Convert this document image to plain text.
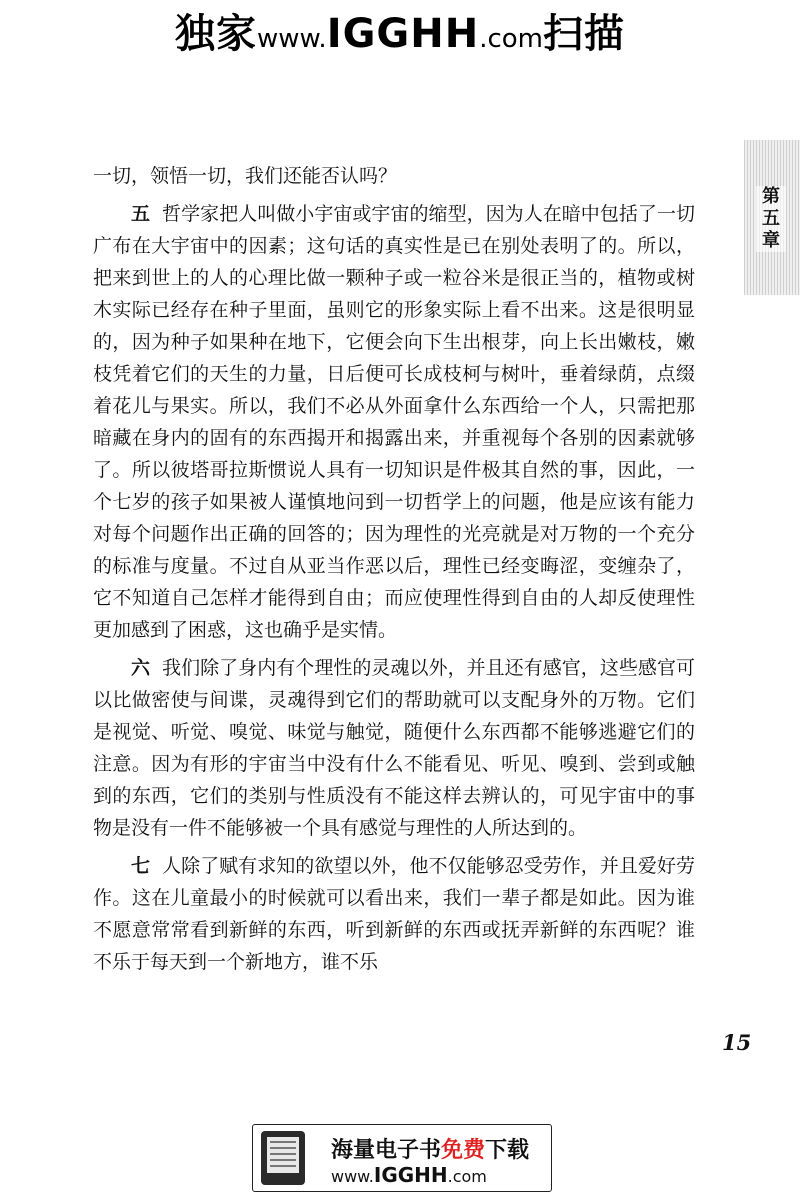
独家www.IGGHH.com扫描
第五章

一切，领悟一切，我们还能否认吗？

五 哲学家把人叫做小宇宙或宇宙的缩型，因为人在暗中包括了一切广布在大宇宙中的因素；这句话的真实性是已在别处表明了的。所以，把来到世上的人的心理比做一颗种子或一粒谷米是很正当的，植物或树木实际已经存在种子里面，虽则它的形象实际上看不出来。这是很明显的，因为种子如果种在地下，它便会向下生出根芽，向上长出嫩枝，嫩枝凭着它们的天生的力量，日后便可长成枝柯与树叶，垂着绿荫，点缀着花儿与果实。所以，我们不必从外面拿什么东西给一个人，只需把那暗藏在身内的固有的东西揭开和揭露出来，并重视每个各别的因素就够了。所以彼塔哥拉斯惯说人具有一切知识是件极其自然的事，因此，一个七岁的孩子如果被人谨慎地问到一切哲学上的问题，他是应该有能力对每个问题作出正确的回答的；因为理性的光亮就是对万物的一个充分的标准与度量。不过自从亚当作恶以后，理性已经变晦涩，变缠杂了，它不知道自己怎样才能得到自由；而应使理性得到自由的人却反使理性更加感到了困惑，这也确乎是实情。

六 我们除了身内有个理性的灵魂以外，并且还有感官，这些感官可以比做密使与间谍，灵魂得到它们的帮助就可以支配身外的万物。它们是视觉、听觉、嗅觉、味觉与触觉，随便什么东西都不能够逃避它们的注意。因为有形的宇宙当中没有什么不能看见、听见、嗅到、尝到或触到的东西，它们的类别与性质没有不能这样去辨认的，可见宇宙中的事物是没有一件不能够被一个具有感觉与理性的人所达到的。

七 人除了赋有求知的欲望以外，他不仅能够忍受劳作，并且爱好劳作。这在儿童最小的时候就可以看出来，我们一辈子都是如此。因为谁不愿意常常看到新鲜的东西，听到新鲜的东西或抚弄新鲜的东西呢？谁不乐于每天到一个新地方，谁不乐

15
海量电子书免费下载
www.IGGHH.com
